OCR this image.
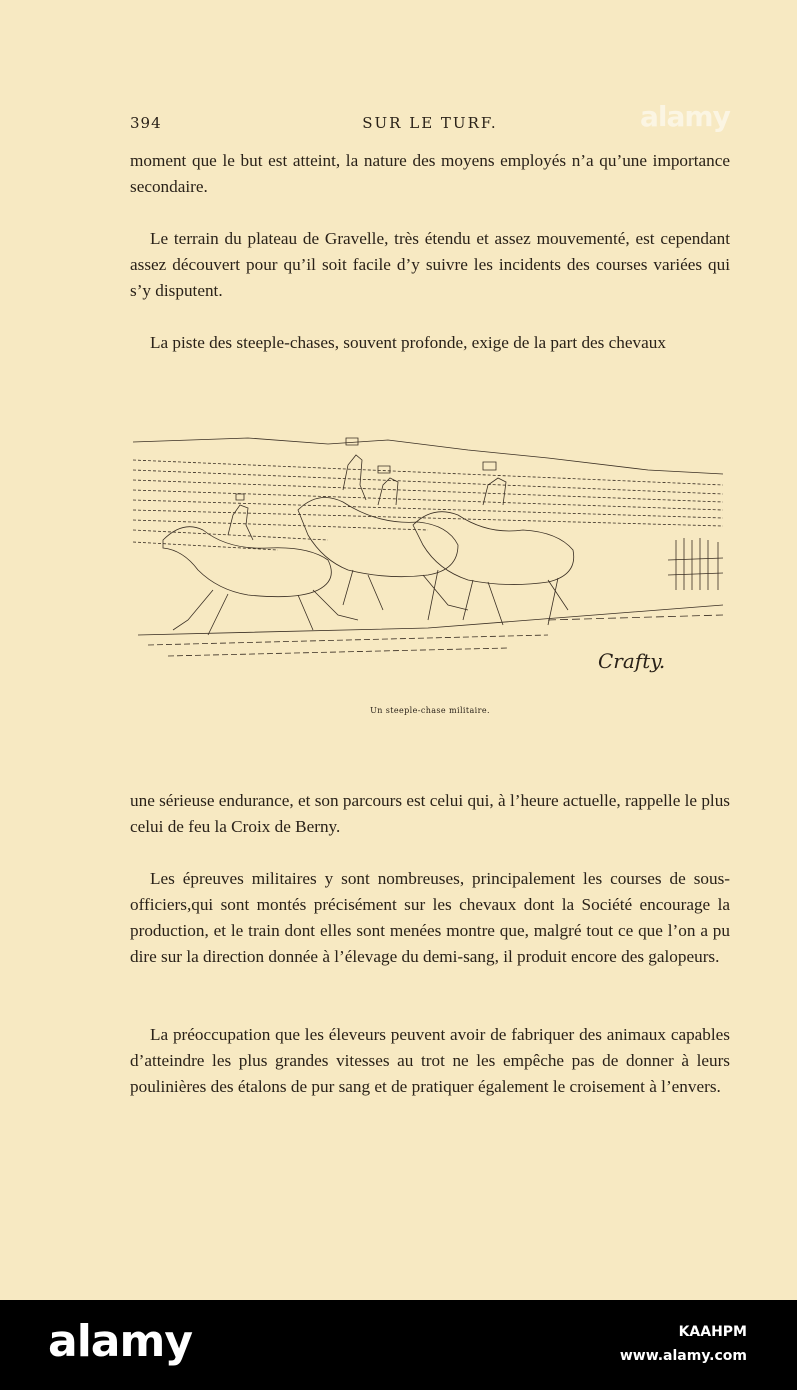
394	SUR LE TURF.	alamy

moment que le but est atteint, la nature des moyens employés n’a qu’une importance secondaire.

Le terrain du plateau de Gravelle, très étendu et assez mouvementé, est cependant assez découvert pour qu’il soit facile d’y suivre les incidents des courses variées qui s’y disputent.

La piste des steeple-chases, souvent profonde, exige de la part des chevaux

Crafty.
Un steeple-chase militaire.

une sérieuse endurance, et son parcours est celui qui, à l’heure actuelle, rappelle le plus celui de feu la Croix de Berny.

Les épreuves militaires y sont nombreuses, principalement les courses de sous-officiers,qui sont montés précisément sur les chevaux dont la Société encourage la production, et le train dont elles sont menées montre que, malgré tout ce que l’on a pu dire sur la direction donnée à l’élevage du demi-sang, il produit encore des galopeurs.

La préoccupation que les éleveurs peuvent avoir de fabriquer des animaux capables d’atteindre les plus grandes vitesses au trot ne les empêche pas de donner à leurs poulinières des étalons de pur sang et de pratiquer également le croisement à l’envers.

alamy	KAAHPM
www.alamy.com
